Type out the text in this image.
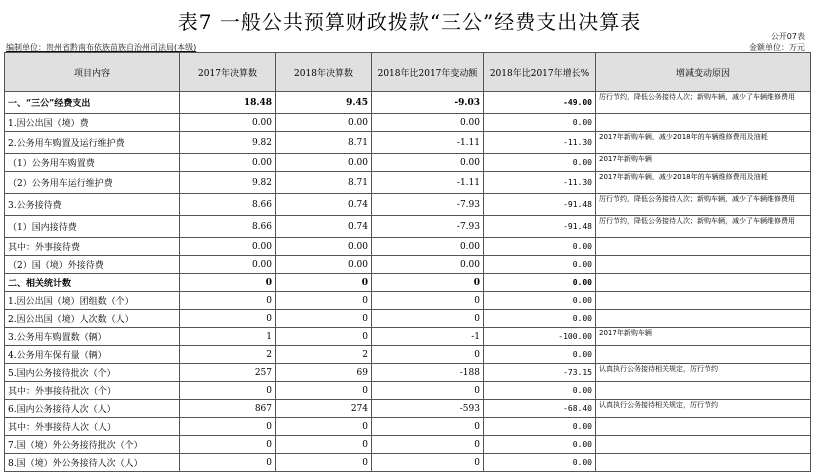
表7 一般公共预算财政拨款“三公”经费支出决算表
公开07表
编制单位：贵州省黔南布依族苗族自治州司法局(本级)	金额单位：万元
项目内容	2017年决算数	2018年决算数	2018年比2017年变动额	2018年比2017年增长%	增减变动原因
一、“三公”经费支出	18.48	9.45	-9.03	-49.00	厉行节约，降低公务接待人次；新购车辆，减少了车辆维修费用
1.因公出国（境）费	0.00	0.00	0.00	0.00	
2.公务用车购置及运行维护费	9.82	8.71	-1.11	-11.30	2017年新购车辆，减少2018年的车辆维修费用及油耗
（1）公务用车购置费	0.00	0.00	0.00	0.00	2017年新购车辆
（2）公务用车运行维护费	9.82	8.71	-1.11	-11.30	2017年新购车辆，减少2018年的车辆维修费用及油耗
3.公务接待费	8.66	0.74	-7.93	-91.48	厉行节约，降低公务接待人次；新购车辆，减少了车辆维修费用
（1）国内接待费	8.66	0.74	-7.93	-91.48	厉行节约，降低公务接待人次；新购车辆，减少了车辆维修费用
其中：外事接待费	0.00	0.00	0.00	0.00	
（2）国（境）外接待费	0.00	0.00	0.00	0.00	
二、相关统计数	0	0	0	0.00	
1.因公出国（境）团组数（个）	0	0	0	0.00	
2.因公出国（境）人次数（人）	0	0	0	0.00	
3.公务用车购置数（辆）	1	0	-1	-100.00	2017年新购车辆
4.公务用车保有量（辆）	2	2	0	0.00	
5.国内公务接待批次（个）	257	69	-188	-73.15	认真执行公务接待相关规定，厉行节约
其中：外事接待批次（个）	0	0	0	0.00	
6.国内公务接待人次（人）	867	274	-593	-68.40	认真执行公务接待相关规定，厉行节约
其中：外事接待人次（人）	0	0	0	0.00	
7.国（境）外公务接待批次（个）	0	0	0	0.00	
8.国（境）外公务接待人次（人）	0	0	0	0.00	
